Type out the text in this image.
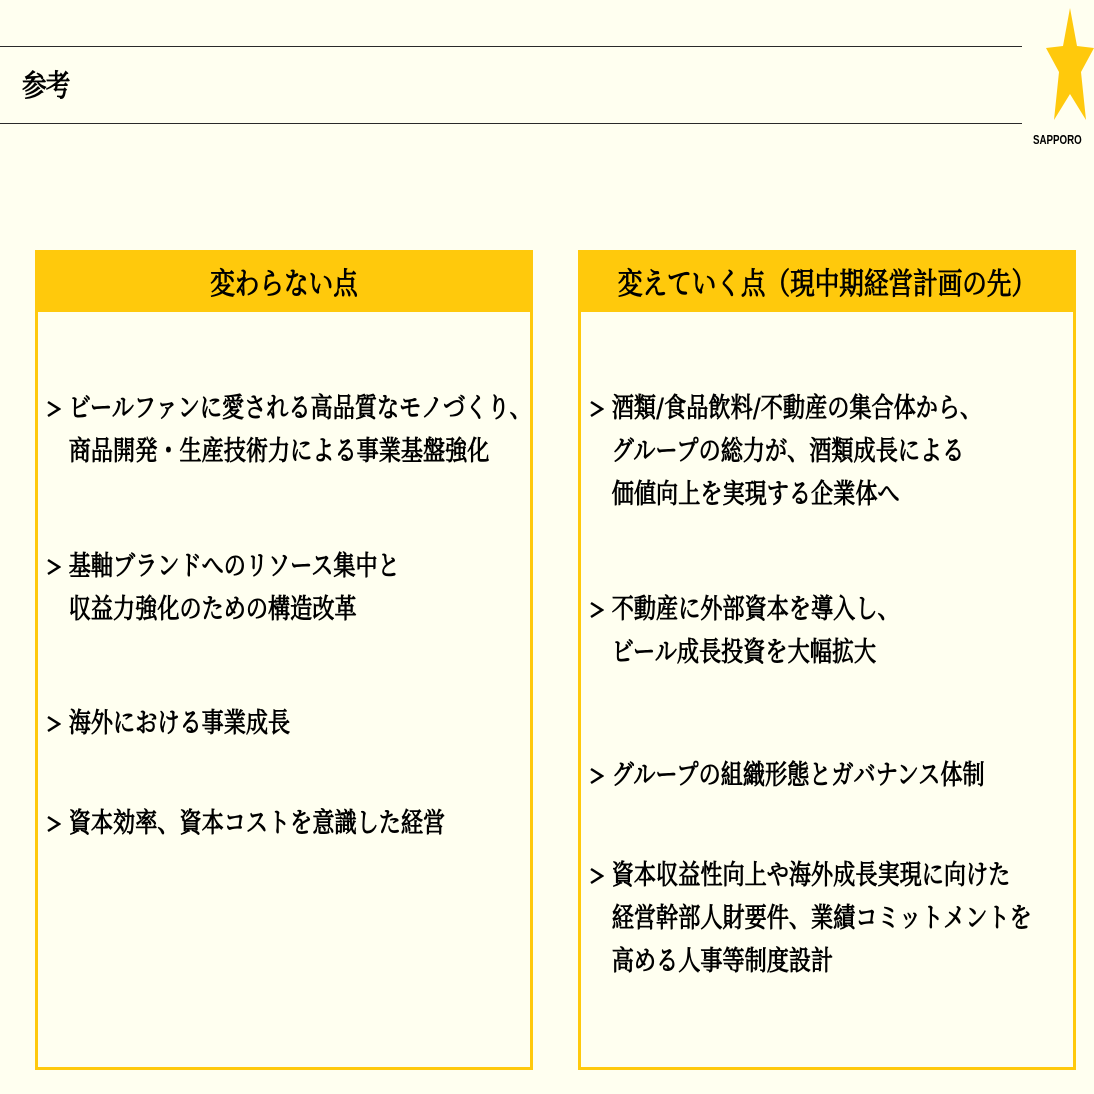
参考
SAPPORO
変わらない点
ビールファンに愛される高品質なモノづくり、
商品開発・生産技術力による事業基盤強化
基軸ブランドへのリソース集中と
収益力強化のための構造改革
海外における事業成長
資本効率、資本コストを意識した経営
変えていく点（現中期経営計画の先）
酒類/食品飲料/不動産の集合体から、
グループの総力が、酒類成長による
価値向上を実現する企業体へ
不動産に外部資本を導入し、
ビール成長投資を大幅拡大
グループの組織形態とガバナンス体制
資本収益性向上や海外成長実現に向けた
経営幹部人財要件、業績コミットメントを
高める人事等制度設計
